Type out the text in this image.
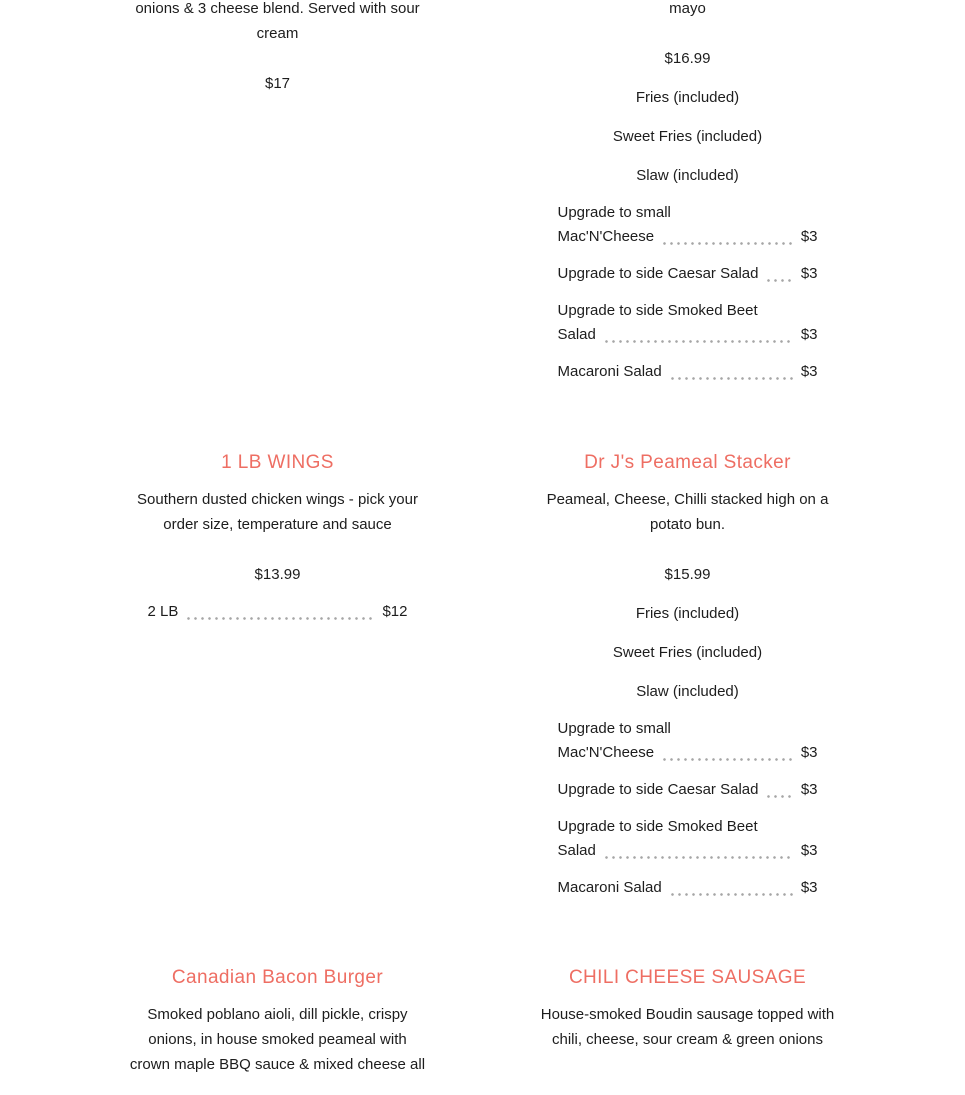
onions & 3 cheese blend. Served with sour
cream
$17
mayo
$16.99
Fries (included)
Sweet Fries (included)
Slaw (included)
Upgrade to small
Mac'N'Cheese	$3
Upgrade to side Caesar Salad	$3
Upgrade to side Smoked Beet
Salad	$3
Macaroni Salad	$3
1 LB WINGS
Southern dusted chicken wings - pick your
order size, temperature and sauce
$13.99
2 LB	$12
Dr J's Peameal Stacker
Peameal, Cheese, Chilli stacked high on a
potato bun.
$15.99
Fries (included)
Sweet Fries (included)
Slaw (included)
Upgrade to small
Mac'N'Cheese	$3
Upgrade to side Caesar Salad	$3
Upgrade to side Smoked Beet
Salad	$3
Macaroni Salad	$3
Canadian Bacon Burger
Smoked poblano aioli, dill pickle, crispy
onions, in house smoked peameal with
crown maple BBQ sauce & mixed cheese all
CHILI CHEESE SAUSAGE
House-smoked Boudin sausage topped with
chili, cheese, sour cream & green onions
